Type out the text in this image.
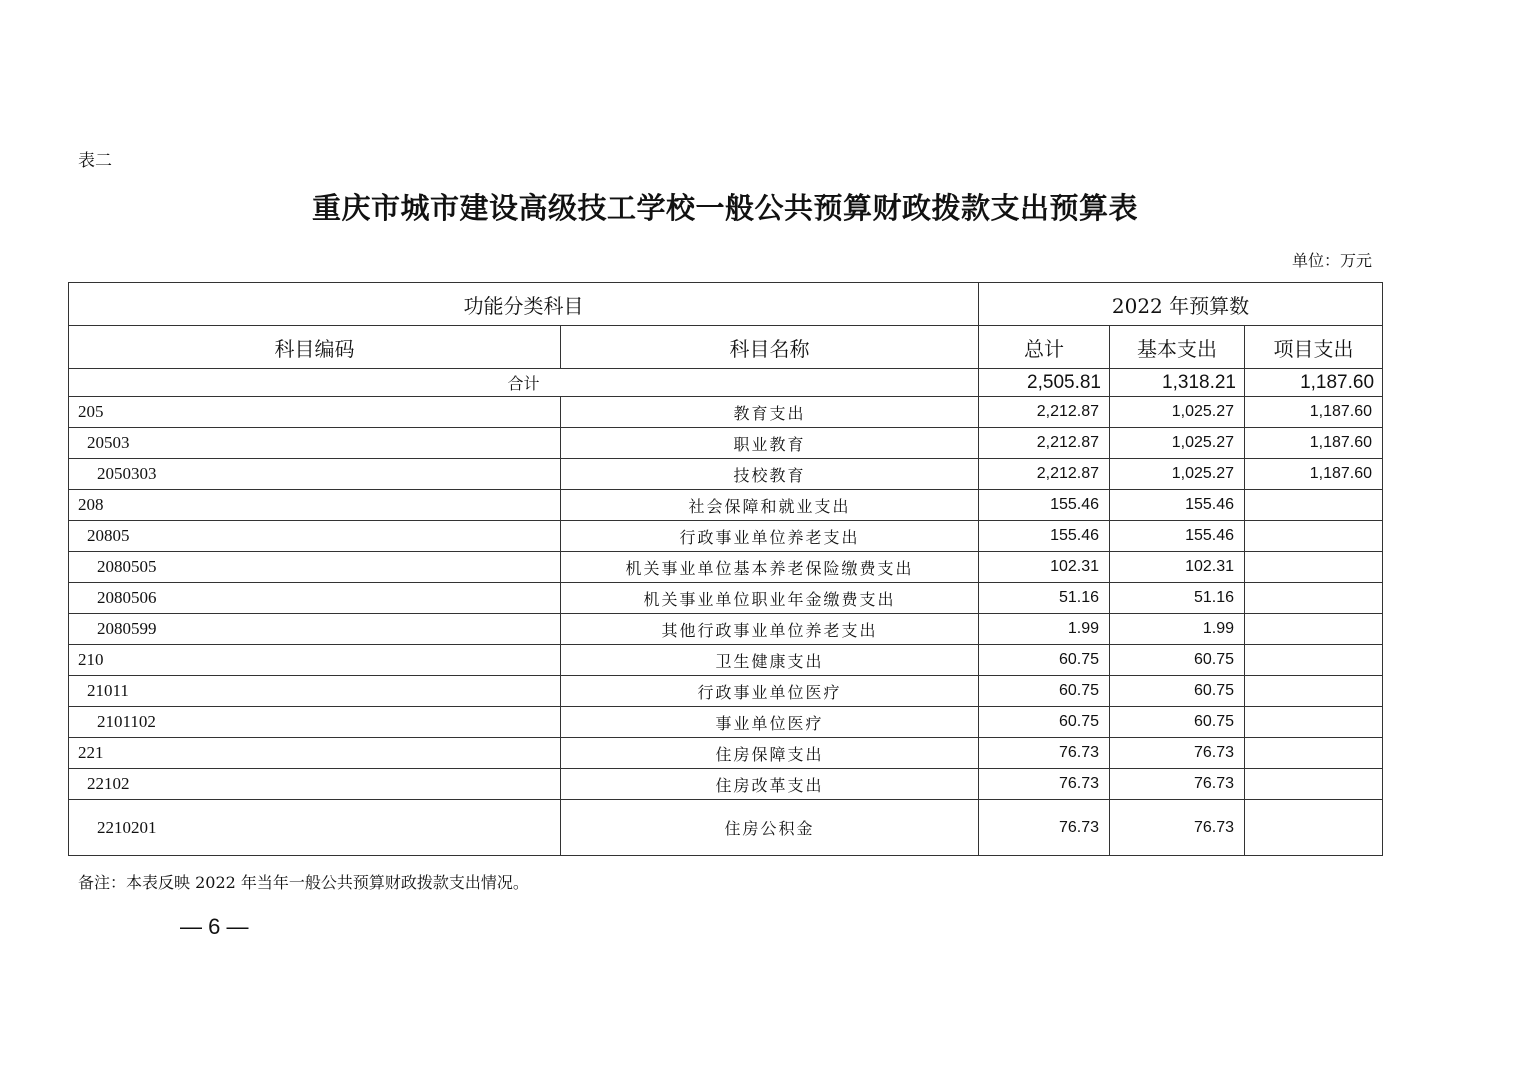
表二
重庆市城市建设高级技工学校一般公共预算财政拨款支出预算表
单位：万元
功能分类科目		2022 年预算数		
科目编码	科目名称	总计	基本支出	项目支出
合计		2,505.81	1,318.21	1,187.60
205	教育支出	2,212.87	1,025.27	1,187.60
20503	职业教育	2,212.87	1,025.27	1,187.60
2050303	技校教育	2,212.87	1,025.27	1,187.60
208	社会保障和就业支出	155.46	155.46	
20805	行政事业单位养老支出	155.46	155.46	
2080505	机关事业单位基本养老保险缴费支出	102.31	102.31	
2080506	机关事业单位职业年金缴费支出	51.16	51.16	
2080599	其他行政事业单位养老支出	1.99	1.99	
210	卫生健康支出	60.75	60.75	
21011	行政事业单位医疗	60.75	60.75	
2101102	事业单位医疗	60.75	60.75	
221	住房保障支出	76.73	76.73	
22102	住房改革支出	76.73	76.73	
2210201	住房公积金	76.73	76.73	
备注：本表反映 2022 年当年一般公共预算财政拨款支出情况。
— 6 —
